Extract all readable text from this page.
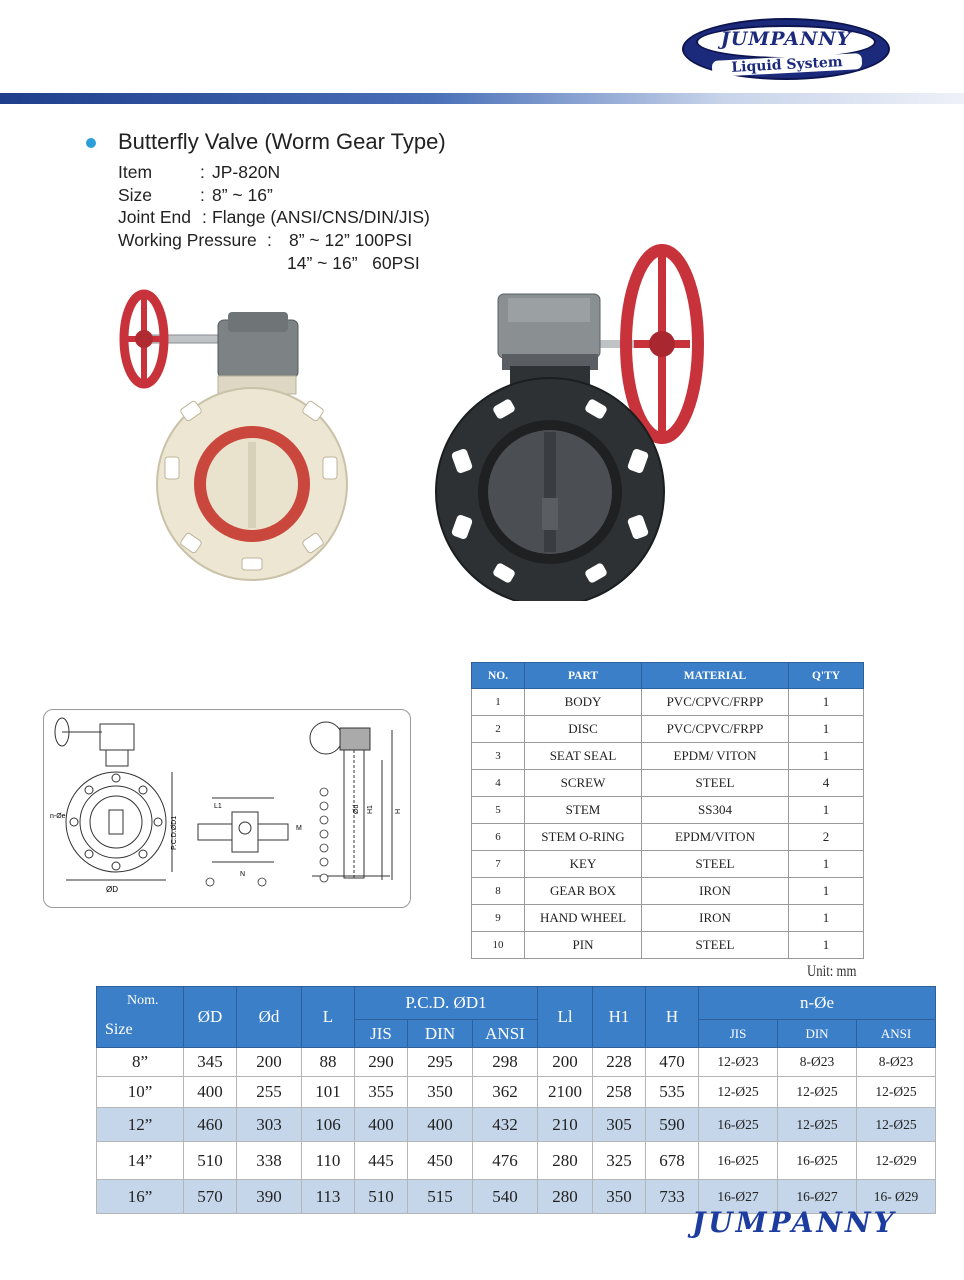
JUMPANNY
Liquid System
Butterfly Valve (Worm Gear Type)
Item	: JP-820N
Size	: 8” ~ 16”
Joint End : Flange (ANSI/CNS/DIN/JIS)
Working Pressure : 8” ~ 12” 100PSI
14” ~ 16”   60PSI
ØD
n-Øe	P.C.D.ØD1
L1
M
N
H1	H
Ød
NO.	PART	MATERIAL	Q'TY
1	BODY	PVC/CPVC/FRPP	1
2	DISC	PVC/CPVC/FRPP	1
3	SEAT SEAL	EPDM/ VITON	1
4	SCREW	STEEL	4
5	STEM	SS304	1
6	STEM O-RING	EPDM/VITON	2
7	KEY	STEEL	1
8	GEAR BOX	IRON	1
9	HAND WHEEL	IRON	1
10	PIN	STEEL	1
Unit: mm
Nom.
Size	ØD	Ød	L	P.C.D. ØD1			Ll	H1	H	n-Øe		
				JIS	DIN	ANSI				JIS	DIN	ANSI
8”	345	200	88	290	295	298	200	228	470	12-Ø23	8-Ø23	8-Ø23
10”	400	255	101	355	350	362	2100	258	535	12-Ø25	12-Ø25	12-Ø25
12”	460	303	106	400	400	432	210	305	590	16-Ø25	12-Ø25	12-Ø25
14”	510	338	110	445	450	476	280	325	678	16-Ø25	16-Ø25	12-Ø29
16”	570	390	113	510	515	540	280	350	733	16-Ø27	16-Ø27	16- Ø29
JUMPANNY
